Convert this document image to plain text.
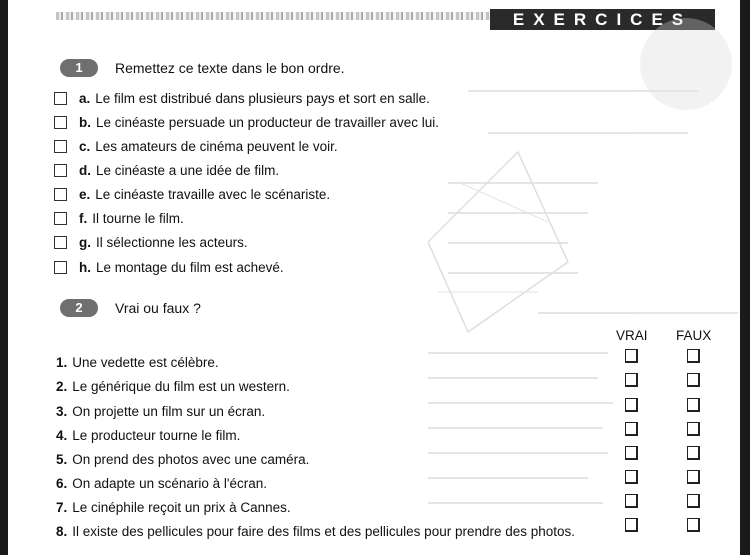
EXERCICES
1	Remettez ce texte dans le bon ordre.
a. Le film est distribué dans plusieurs pays et sort en salle.
b. Le cinéaste persuade un producteur de travailler avec lui.
c. Les amateurs de cinéma peuvent le voir.
d. Le cinéaste a une idée de film.
e. Le cinéaste travaille avec le scénariste.
f. Il tourne le film.
g. Il sélectionne les acteurs.
h. Le montage du film est achevé.
2	Vrai ou faux ?
VRAI FAUX
1. Une vedette est célèbre.
2. Le générique du film est un western.
3. On projette un film sur un écran.
4. Le producteur tourne le film.
5. On prend des photos avec une caméra.
6. On adapte un scénario à l'écran.
7. Le cinéphile reçoit un prix à Cannes.
8. Il existe des pellicules pour faire des films et des pellicules pour prendre des photos.
